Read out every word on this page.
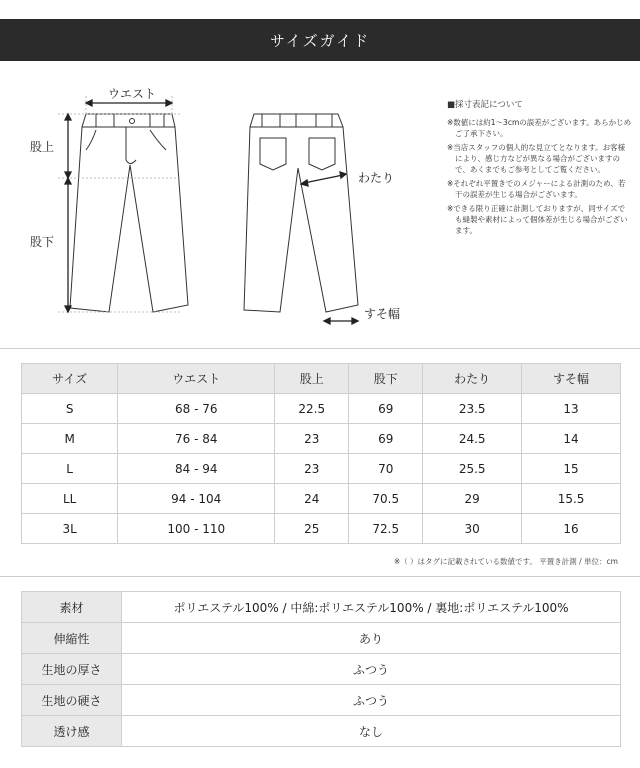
サイズガイド
ウエスト
股上
股下
わたり
すそ幅
■採寸表記について
※数値には約1～3cmの誤差がございます。あらかじめご了承下さい。
※当店スタッフの個人的な見立てとなります。お客様により、感じ方などが異なる場合がございますので、あくまでもご参考としてご覧ください。
※それぞれ平置きでのメジャーによる計測のため、若干の誤差が生じる場合がございます。
※できる限り正確に計測しておりますが、同サイズでも縫製や素材によって個体差が生じる場合がございます。
サイズ	ウエスト	股上	股下	わたり	すそ幅
S	68 - 76	22.5	69	23.5	13
M	76 - 84	23	69	24.5	14
L	84 - 94	23	70	25.5	15
LL	94 - 104	24	70.5	29	15.5
3L	100 - 110	25	72.5	30	16
※（ ）はタグに記載されている数値です。 平置き計測 / 単位：cm
素材	ポリエステル100% / 中綿:ポリエステル100% / 裏地:ポリエステル100%
伸縮性	あり
生地の厚さ	ふつう
生地の硬さ	ふつう
透け感	なし
